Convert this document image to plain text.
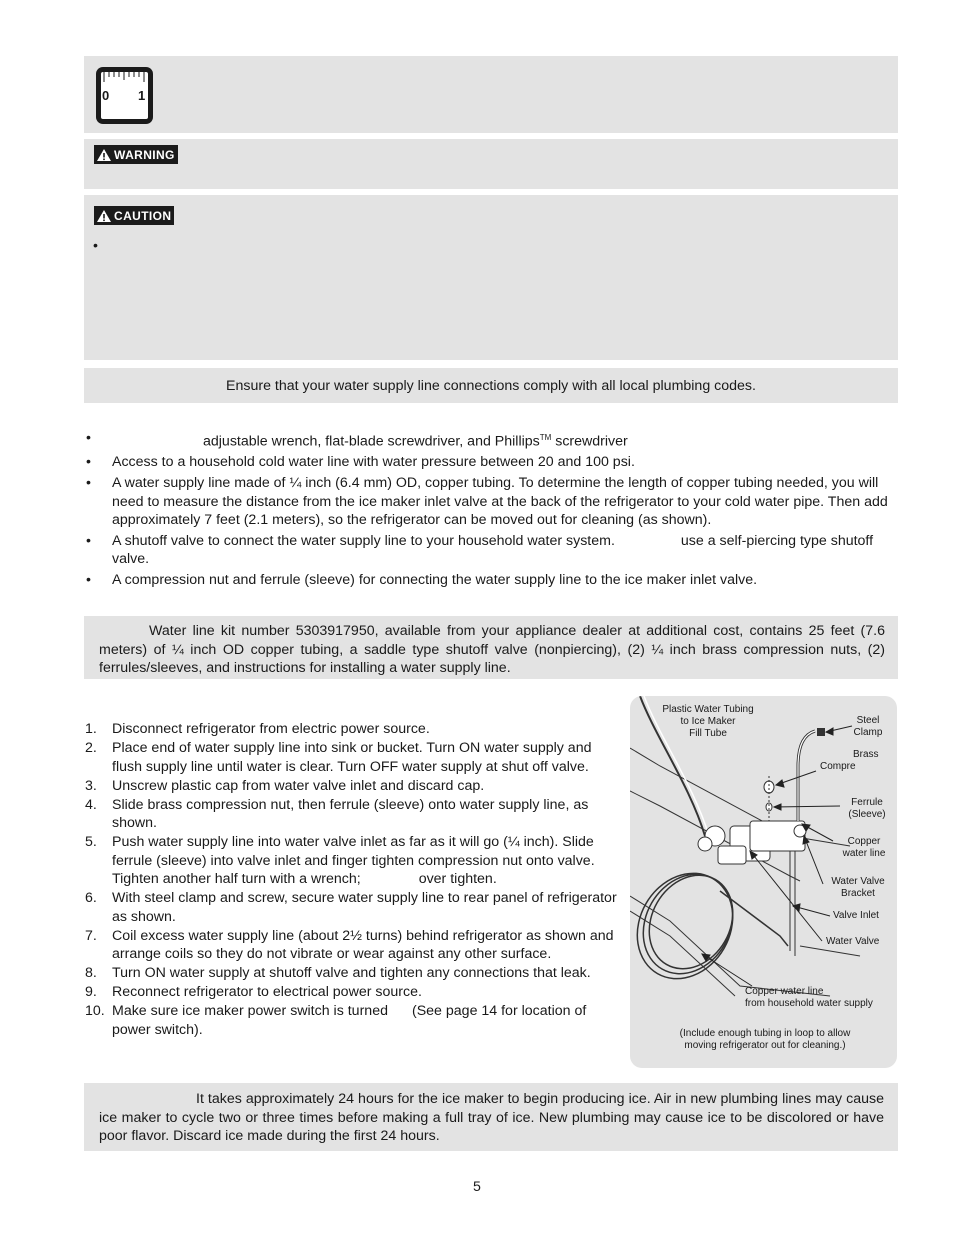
0 1
WARNING
CAUTION
•
Ensure that your water supply line connections comply with all local plumbing codes.
•	adjustable wrench, flat-blade screwdriver, and Phillips™ screwdriver
• Access to a household cold water line with water pressure between 20 and 100 psi.
• A water supply line made of ¼ inch (6.4 mm) OD, copper tubing. To determine the length of copper tubing needed, you will need to measure the distance from the ice maker inlet valve at the back of the refrigerator to your cold water pipe. Then add approximately 7 feet (2.1 meters), so the refrigerator can be moved out for cleaning (as shown).
• A shutoff valve to connect the water supply line to your household water system.	use a self-piercing type shutoff valve.
• A compression nut and ferrule (sleeve) for connecting the water supply line to the ice maker inlet valve.
Water line kit number 5303917950, available from your appliance dealer at additional cost, contains 25 feet (7.6 meters) of ¼ inch OD copper tubing, a saddle type shutoff valve (nonpiercing), (2) ¼ inch brass compression nuts, (2) ferrules/sleeves, and instructions for installing a water supply line.
1. Disconnect refrigerator from electric power source.
2. Place end of water supply line into sink or bucket. Turn ON water supply and flush supply line until water is clear. Turn OFF water supply at shut off valve.
3. Unscrew plastic cap from water valve inlet and discard cap.
4. Slide brass compression nut, then ferrule (sleeve) onto water supply line, as shown.
5. Push water supply line into water valve inlet as far as it will go (¼ inch). Slide ferrule (sleeve) into valve inlet and finger tighten compression nut onto valve. Tighten another half turn with a wrench;	over tighten.
6. With steel clamp and screw, secure water supply line to rear panel of refrigerator as shown.
7. Coil excess water supply line (about 2½ turns) behind refrigerator as shown and arrange coils so they do not vibrate or wear against any other surface.
8. Turn ON water supply at shutoff valve and tighten any connections that leak.
9. Reconnect refrigerator to electrical power source.
10. Make sure ice maker power switch is turned (See page 14 for location of power switch).
Plastic Water Tubing
to Ice Maker
Fill Tube
Steel
Clamp
Brass
Compre
Ferrule
(Sleeve)
Copper
water line
Water Valve
Bracket
Valve Inlet
Water Valve
Copper water line
from household water supply
(Include enough tubing in loop to allow
moving refrigerator out for cleaning.)
It takes approximately 24 hours for the ice maker to begin producing ice. Air in new plumbing lines may cause ice maker to cycle two or three times before making a full tray of ice. New plumbing may cause ice to be discolored or have poor flavor. Discard ice made during the first 24 hours.
5
